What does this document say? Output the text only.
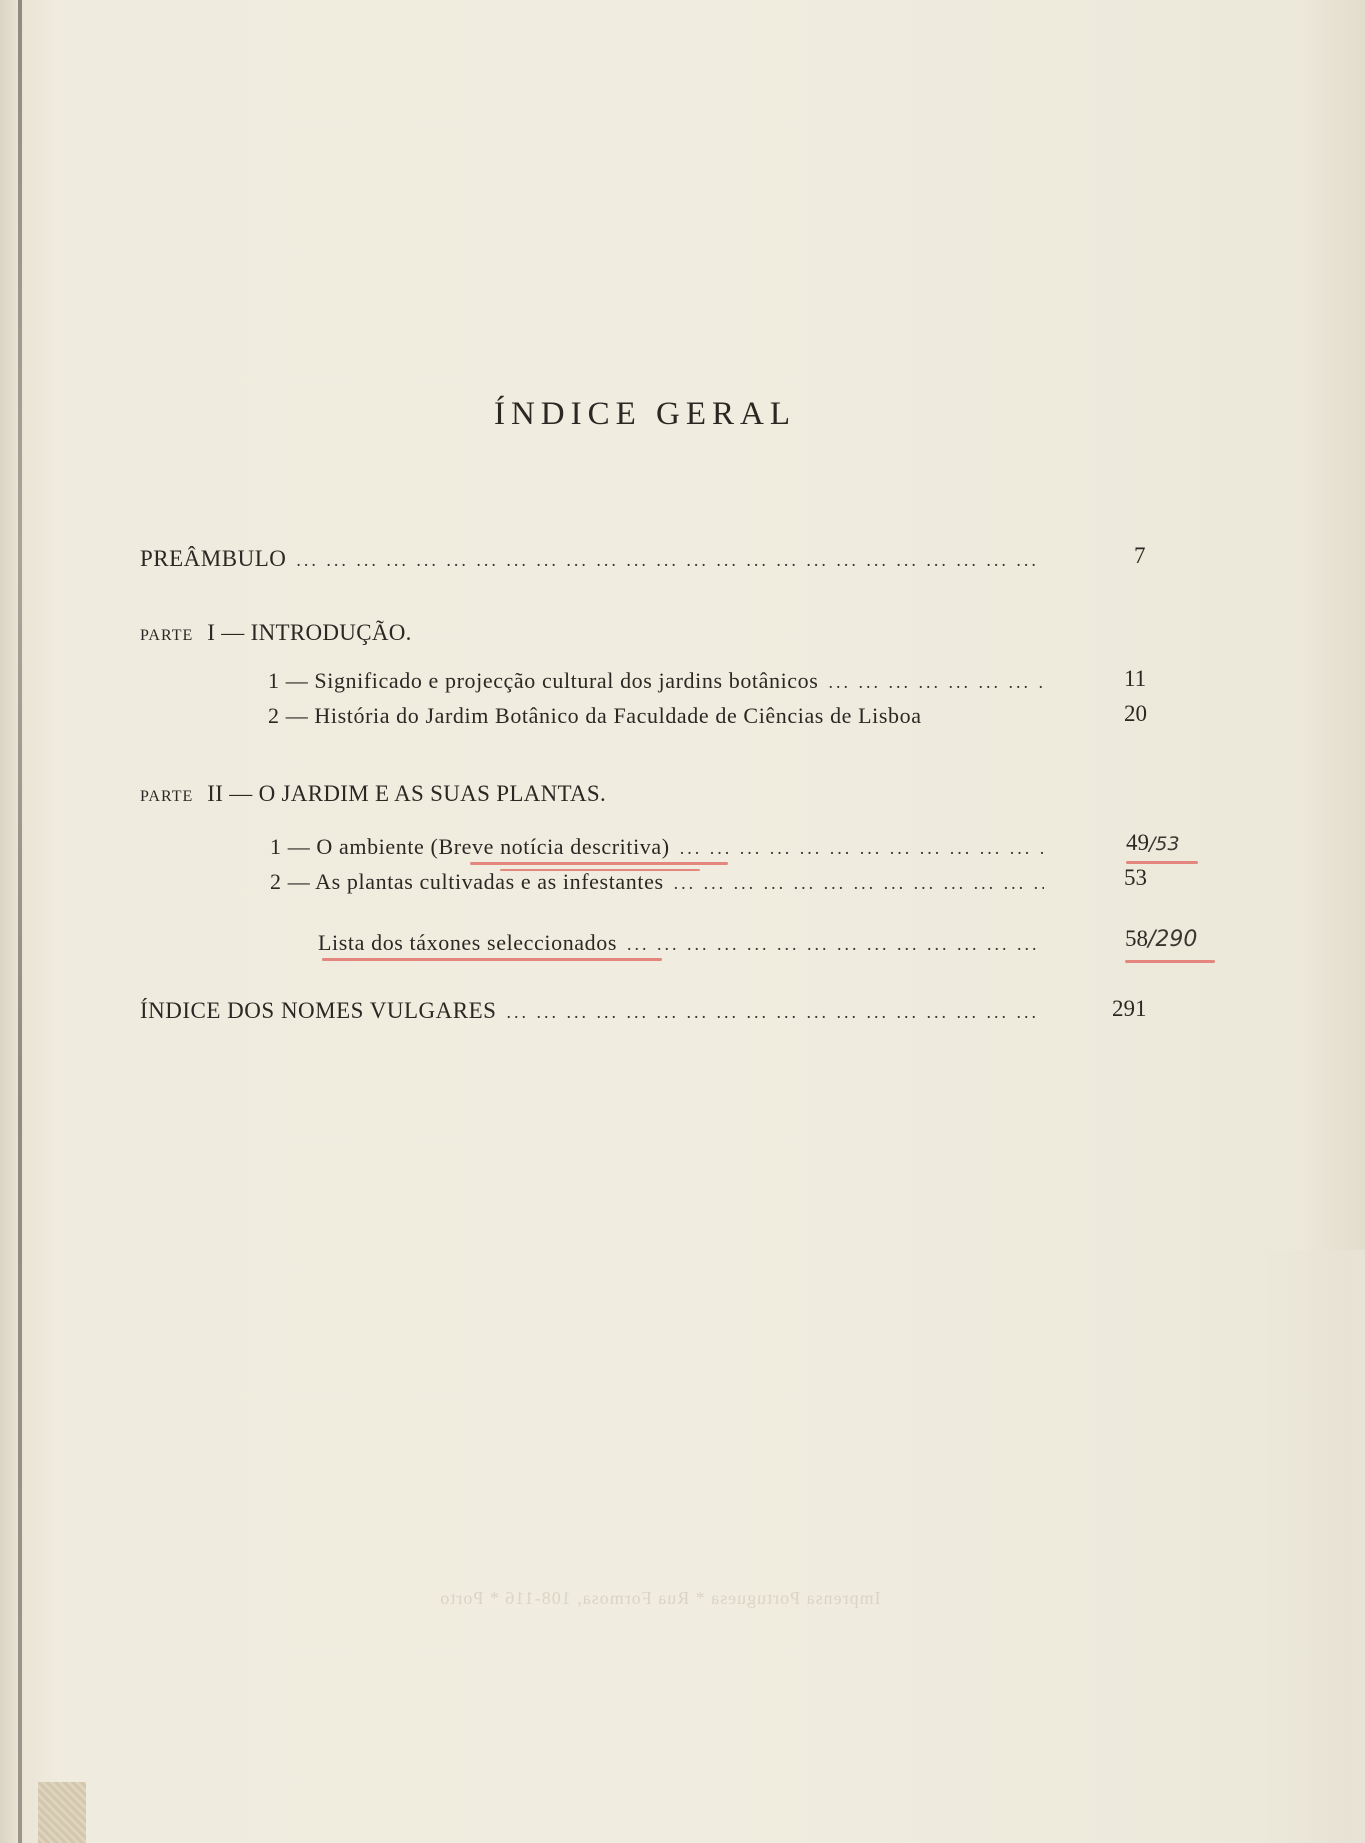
ÍNDICE GERAL
PREÂMBULO ... .	7
PARTE I — INTRODUÇÃO.
1 — Significado e projecção cultural dos jardins botânicos ... .	11
2 — História do Jardim Botânico da Faculdade de Ciências de Lisboa	20
PARTE II — O JARDIM E AS SUAS PLANTAS.
1 — O ambiente (Breve notícia descritiva) ... .	49/53
2 — As plantas cultivadas e as infestantes ... .	53
Lista dos táxones seleccionados ... .	58/290
ÍNDICE DOS NOMES VULGARES ... .	291
Imprensa Portuguesa * Rua Formosa, 108-116 * Porto
